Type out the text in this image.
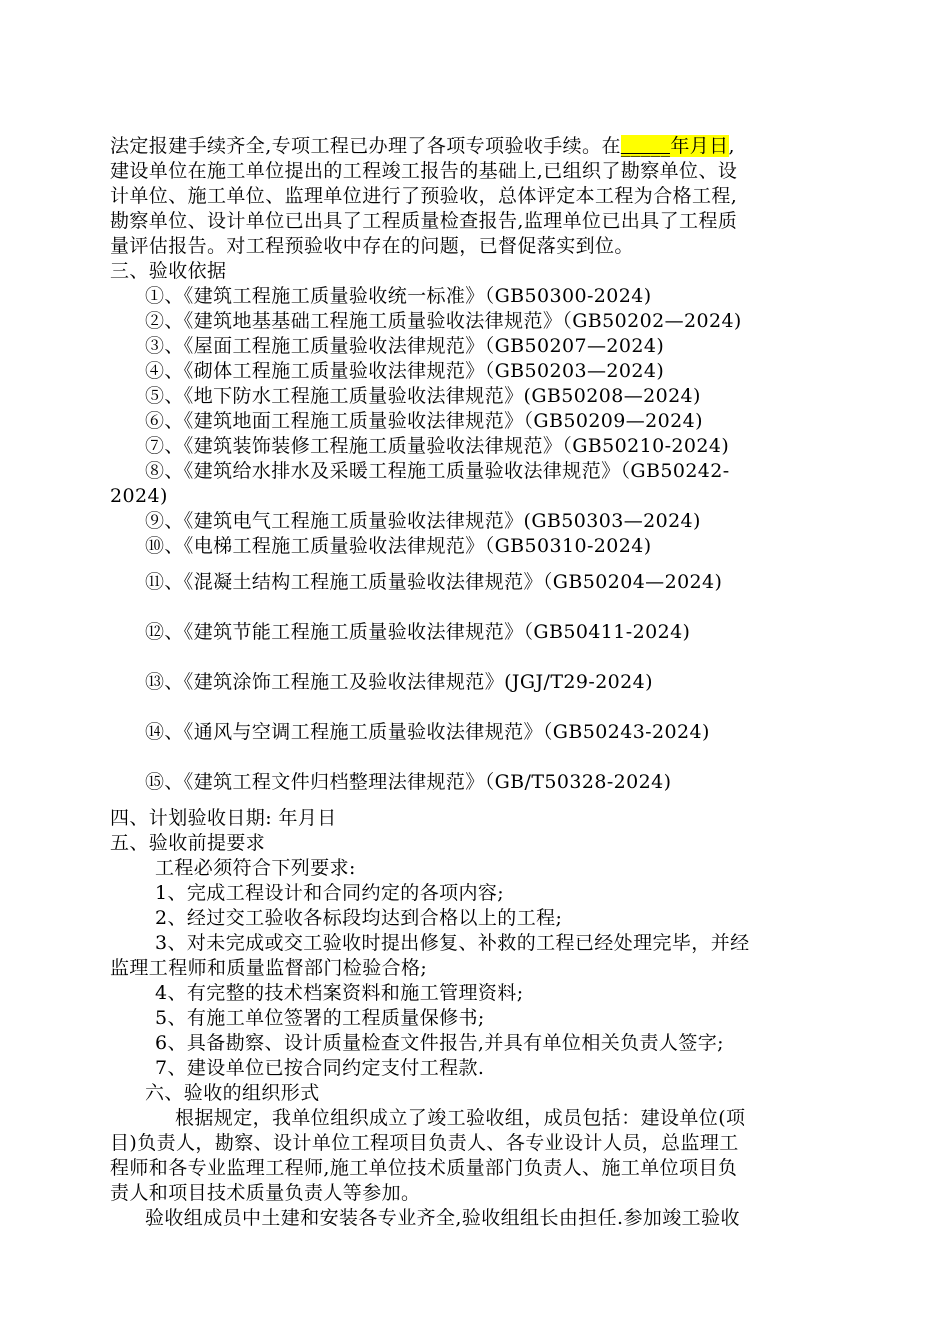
法定报建手续齐全,专项工程已办理了各项专项验收手续。在_____年月日,
建设单位在施工单位提出的工程竣工报告的基础上,已组织了勘察单位、设
计单位、施工单位、监理单位进行了预验收，总体评定本工程为合格工程,
勘察单位、设计单位已出具了工程质量检查报告,监理单位已出具了工程质
量评估报告。对工程预验收中存在的问题，已督促落实到位。
三、验收依据
①、《建筑工程施工质量验收统一标准》（GB50300-2024)
②、《建筑地基基础工程施工质量验收法律规范》（GB50202—2024)
③、《屋面工程施工质量验收法律规范》（GB50207—2024)
④、《砌体工程施工质量验收法律规范》（GB50203—2024)
⑤、《地下防水工程施工质量验收法律规范》(GB50208—2024)
⑥、《建筑地面工程施工质量验收法律规范》（GB50209—2024)
⑦、《建筑装饰装修工程施工质量验收法律规范》（GB50210-2024)
⑧、《建筑给水排水及采暖工程施工质量验收法律规范》（GB50242-
2024)
⑨、《建筑电气工程施工质量验收法律规范》(GB50303—2024)
⑩、《电梯工程施工质量验收法律规范》（GB50310-2024)
⑪、《混凝土结构工程施工质量验收法律规范》（GB50204—2024)
⑫、《建筑节能工程施工质量验收法律规范》（GB50411-2024)
⑬、《建筑涂饰工程施工及验收法律规范》(JGJ/T29-2024)
⑭、《通风与空调工程施工质量验收法律规范》（GB50243-2024)
⑮、《建筑工程文件归档整理法律规范》（GB/T50328-2024)
四、计划验收日期: 年月日
五、验收前提要求
工程必须符合下列要求:
1、完成工程设计和合同约定的各项内容;
2、经过交工验收各标段均达到合格以上的工程;
3、对未完成或交工验收时提出修复、补救的工程已经处理完毕，并经
监理工程师和质量监督部门检验合格;
4、有完整的技术档案资料和施工管理资料;
5、有施工单位签署的工程质量保修书;
6、具备勘察、设计质量检查文件报告,并具有单位相关负责人签字;
7、建设单位已按合同约定支付工程款.
六、验收的组织形式
根据规定，我单位组织成立了竣工验收组，成员包括：建设单位(项
目)负责人，勘察、设计单位工程项目负责人、各专业设计人员，总监理工
程师和各专业监理工程师,施工单位技术质量部门负责人、施工单位项目负
责人和项目技术质量负责人等参加。
验收组成员中土建和安装各专业齐全,验收组组长由担任.参加竣工验收
